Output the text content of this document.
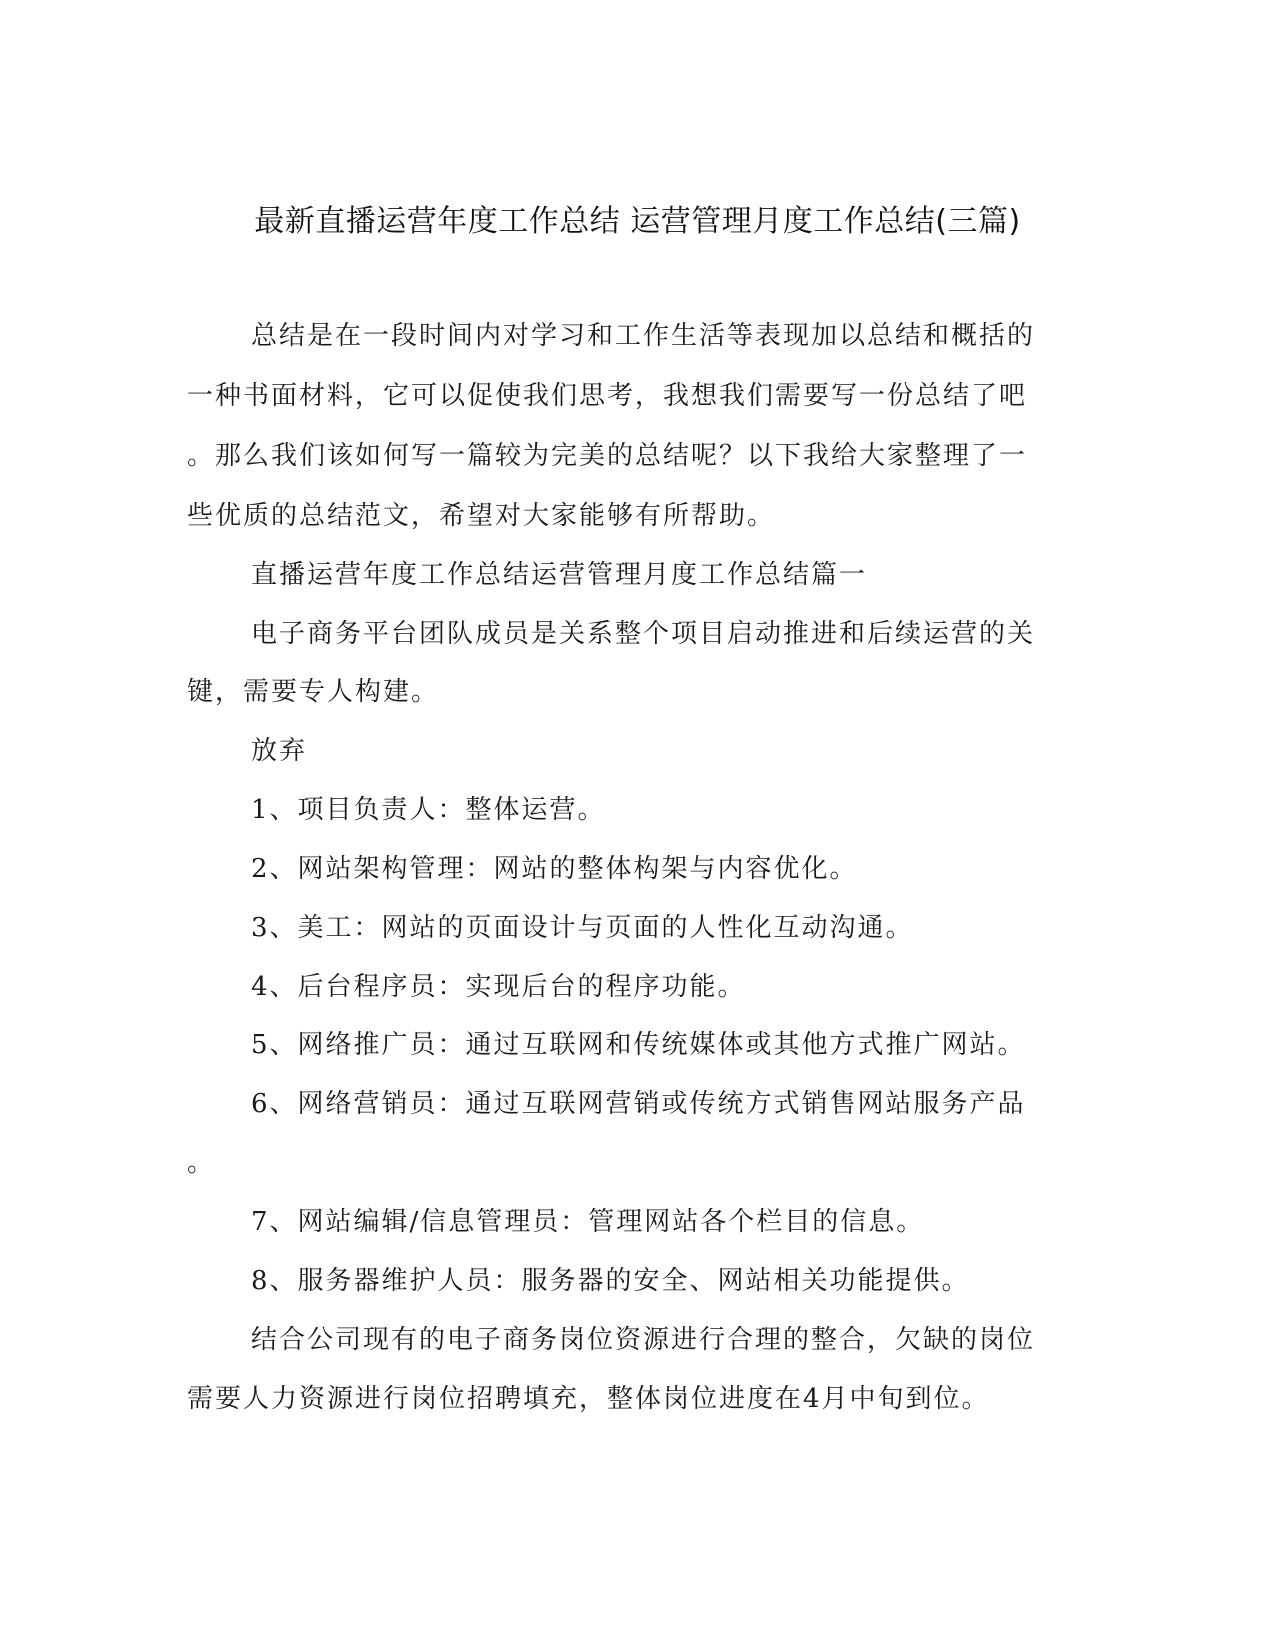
最新直播运营年度工作总结 运营管理月度工作总结(三篇)
总结是在一段时间内对学习和工作生活等表现加以总结和概括的
一种书面材料，它可以促使我们思考，我想我们需要写一份总结了吧
。那么我们该如何写一篇较为完美的总结呢？以下我给大家整理了一
些优质的总结范文，希望对大家能够有所帮助。
直播运营年度工作总结运营管理月度工作总结篇一
电子商务平台团队成员是关系整个项目启动推进和后续运营的关
键，需要专人构建。
放弃
1、项目负责人：整体运营。
2、网站架构管理：网站的整体构架与内容优化。
3、美工：网站的页面设计与页面的人性化互动沟通。
4、后台程序员：实现后台的程序功能。
5、网络推广员：通过互联网和传统媒体或其他方式推广网站。
6、网络营销员：通过互联网营销或传统方式销售网站服务产品
。
7、网站编辑/信息管理员：管理网站各个栏目的信息。
8、服务器维护人员：服务器的安全、网站相关功能提供。
结合公司现有的电子商务岗位资源进行合理的整合，欠缺的岗位
需要人力资源进行岗位招聘填充，整体岗位进度在4月中旬到位。
